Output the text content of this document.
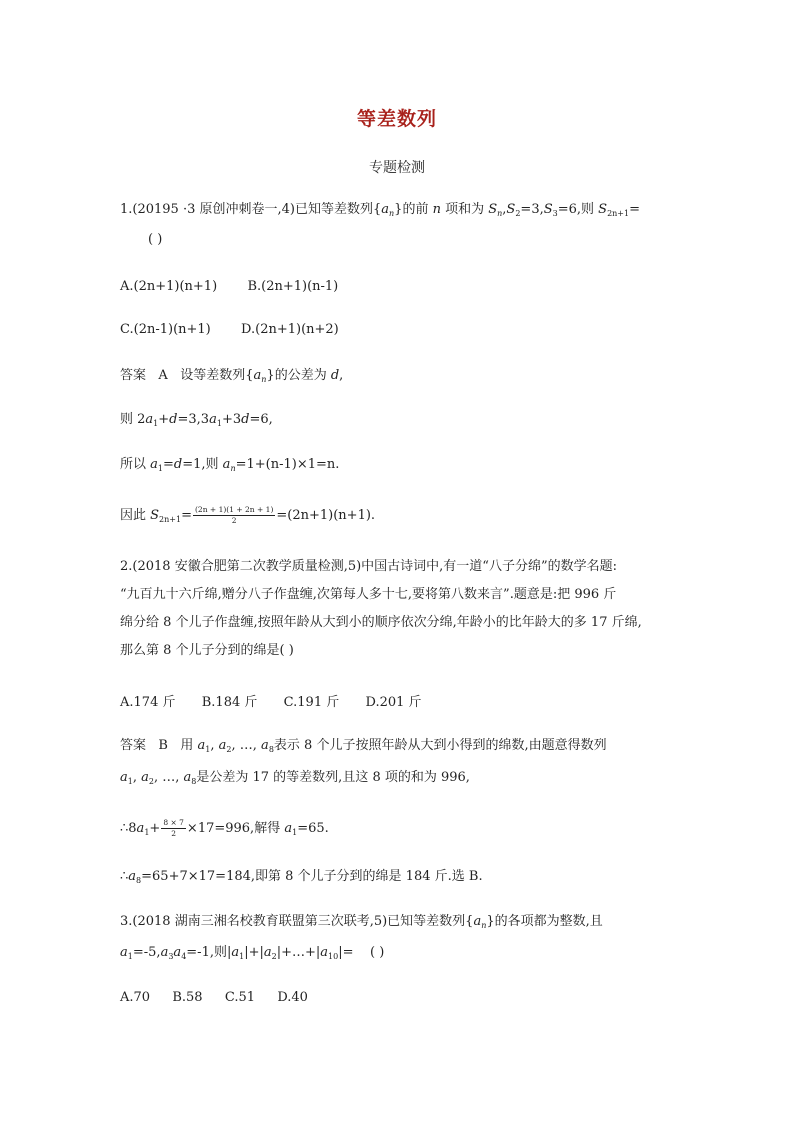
等差数列
专题检测
1.(20195 ·3 原创冲刺卷一,4)已知等差数列$\{a_n\}$的前 n 项和为 $S_n,S_2=3,S_3=6$,则 $S_{2n+1}=$
( )
A.(2n+1)(n+1) B.(2n+1)(n-1)
C.(2n-1)(n+1) D.(2n+1)(n+2)
答案 A 设等差数列$\{a_n\}$的公差为 d,
则 $2a_1+d=3,3a_1+3d=6$,
所以 $a_1=d=1$,则 $a_n=1+(n-1)\times 1=n$.
因此 $S_{2n+1}= \frac{(2n + 1)(1 + 2n + 1)}{2} =(2n+1)(n+1)$.
2.(2018 安徽合肥第二次教学质量检测,5)中国古诗词中,有一道“八子分绵”的数学名题:
“九百九十六斤绵,赠分八子作盘缠,次第每人多十七,要将第八数来言”.题意是:把 996 斤
绵分给 8 个儿子作盘缠,按照年龄从大到小的顺序依次分绵,年龄小的比年龄大的多 17 斤绵,
那么第 8 个儿子分到的绵是( )
A.174 斤 B.184 斤 C.191 斤 D.201 斤
答案 B 用 $a_1$, $a_2$, …, $a_8$表示 8 个儿子按照年龄从大到小得到的绵数,由题意得数列
$a_1$, $a_2$, …, $a_8$是公差为 17 的等差数列,且这 8 项的和为 996,
$\therefore 8a_1+ \frac{8 \times 7}{2} \times 17=996$,解得 $a_1=65$.
$\therefore a_8=65+7\times 17=184$,即第 8 个儿子分到的绵是 184 斤.选 B.
3.(2018 湖南三湘名校教育联盟第三次联考,5)已知等差数列$\{a_n\}$的各项都为整数,且
$a_1=-5,a_3a_4=-1$,则$|a_1|+|a_2|+\dots+|a_{10}|=$ ( )
A.70 B.58 C.51 D.40
